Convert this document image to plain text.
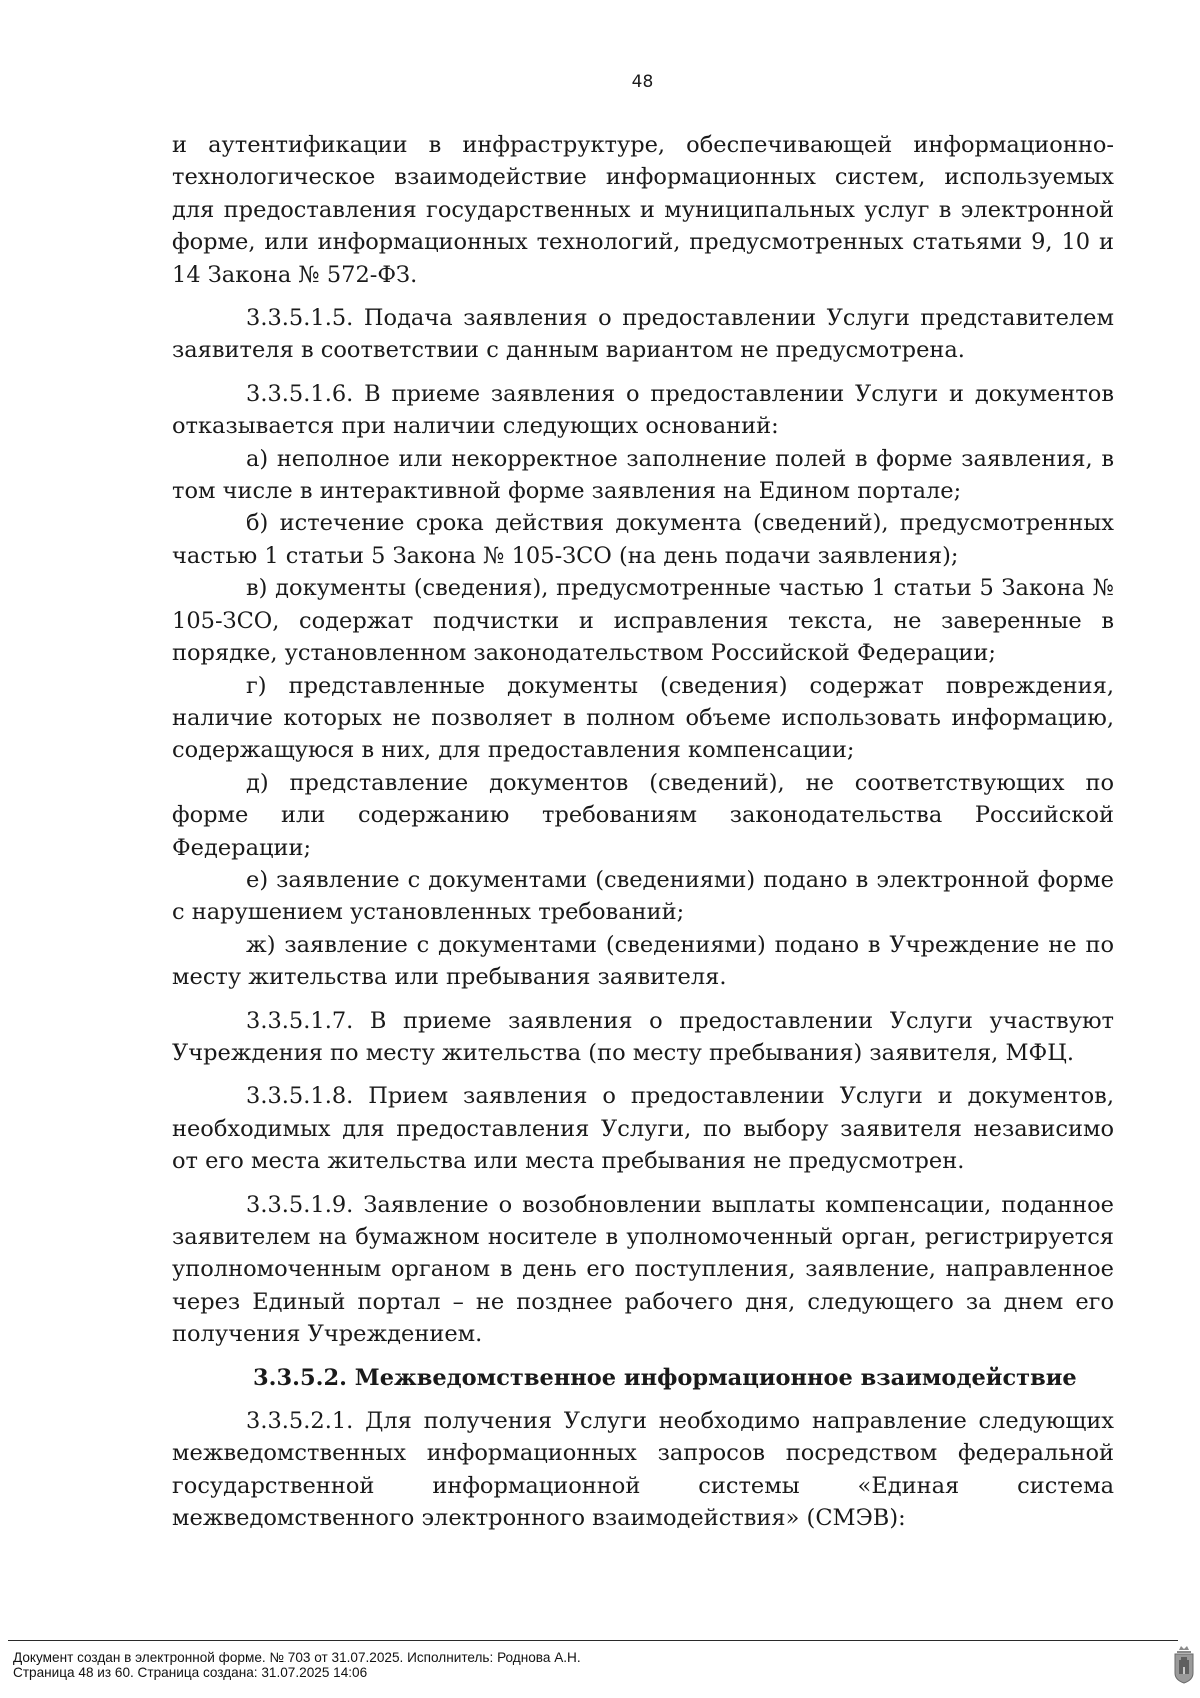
48

и аутентификации в инфраструктуре, обеспечивающей информационно-технологическое взаимодействие информационных систем, используемых для предоставления государственных и муниципальных услуг в электронной форме, или информационных технологий, предусмотренных статьями 9, 10 и 14 Закона № 572-ФЗ.

3.3.5.1.5. Подача заявления о предоставлении Услуги представителем заявителя в соответствии с данным вариантом не предусмотрена.

3.3.5.1.6. В приеме заявления о предоставлении Услуги и документов отказывается при наличии следующих оснований:

а) неполное или некорректное заполнение полей в форме заявления, в том числе в интерактивной форме заявления на Едином портале;

б) истечение срока действия документа (сведений), предусмотренных частью 1 статьи 5 Закона № 105-ЗСО (на день подачи заявления);

в) документы (сведения), предусмотренные частью 1 статьи 5 Закона № 105-ЗСО, содержат подчистки и исправления текста, не заверенные в порядке, установленном законодательством Российской Федерации;

г) представленные документы (сведения) содержат повреждения, наличие которых не позволяет в полном объеме использовать информацию, содержащуюся в них, для предоставления компенсации;

д) представление документов (сведений), не соответствующих по форме или содержанию требованиям законодательства Российской Федерации;

е) заявление с документами (сведениями) подано в электронной форме с нарушением установленных требований;

ж) заявление с документами (сведениями) подано в Учреждение не по месту жительства или пребывания заявителя.

3.3.5.1.7. В приеме заявления о предоставлении Услуги участвуют Учреждения по месту жительства (по месту пребывания) заявителя, МФЦ.

3.3.5.1.8. Прием заявления о предоставлении Услуги и документов, необходимых для предоставления Услуги, по выбору заявителя независимо от его места жительства или места пребывания не предусмотрен.

3.3.5.1.9. Заявление о возобновлении выплаты компенсации, поданное заявителем на бумажном носителе в уполномоченный орган, регистрируется уполномоченным органом в день его поступления, заявление, направленное через Единый портал – не позднее рабочего дня, следующего за днем его получения Учреждением.

3.3.5.2. Межведомственное информационное взаимодействие

3.3.5.2.1. Для получения Услуги необходимо направление следующих межведомственных информационных запросов посредством федеральной государственной информационной системы «Единая система межведомственного электронного взаимодействия» (СМЭВ):

Документ создан в электронной форме. № 703 от 31.07.2025. Исполнитель: Роднова А.Н.
Страница 48 из 60. Страница создана: 31.07.2025 14:06
